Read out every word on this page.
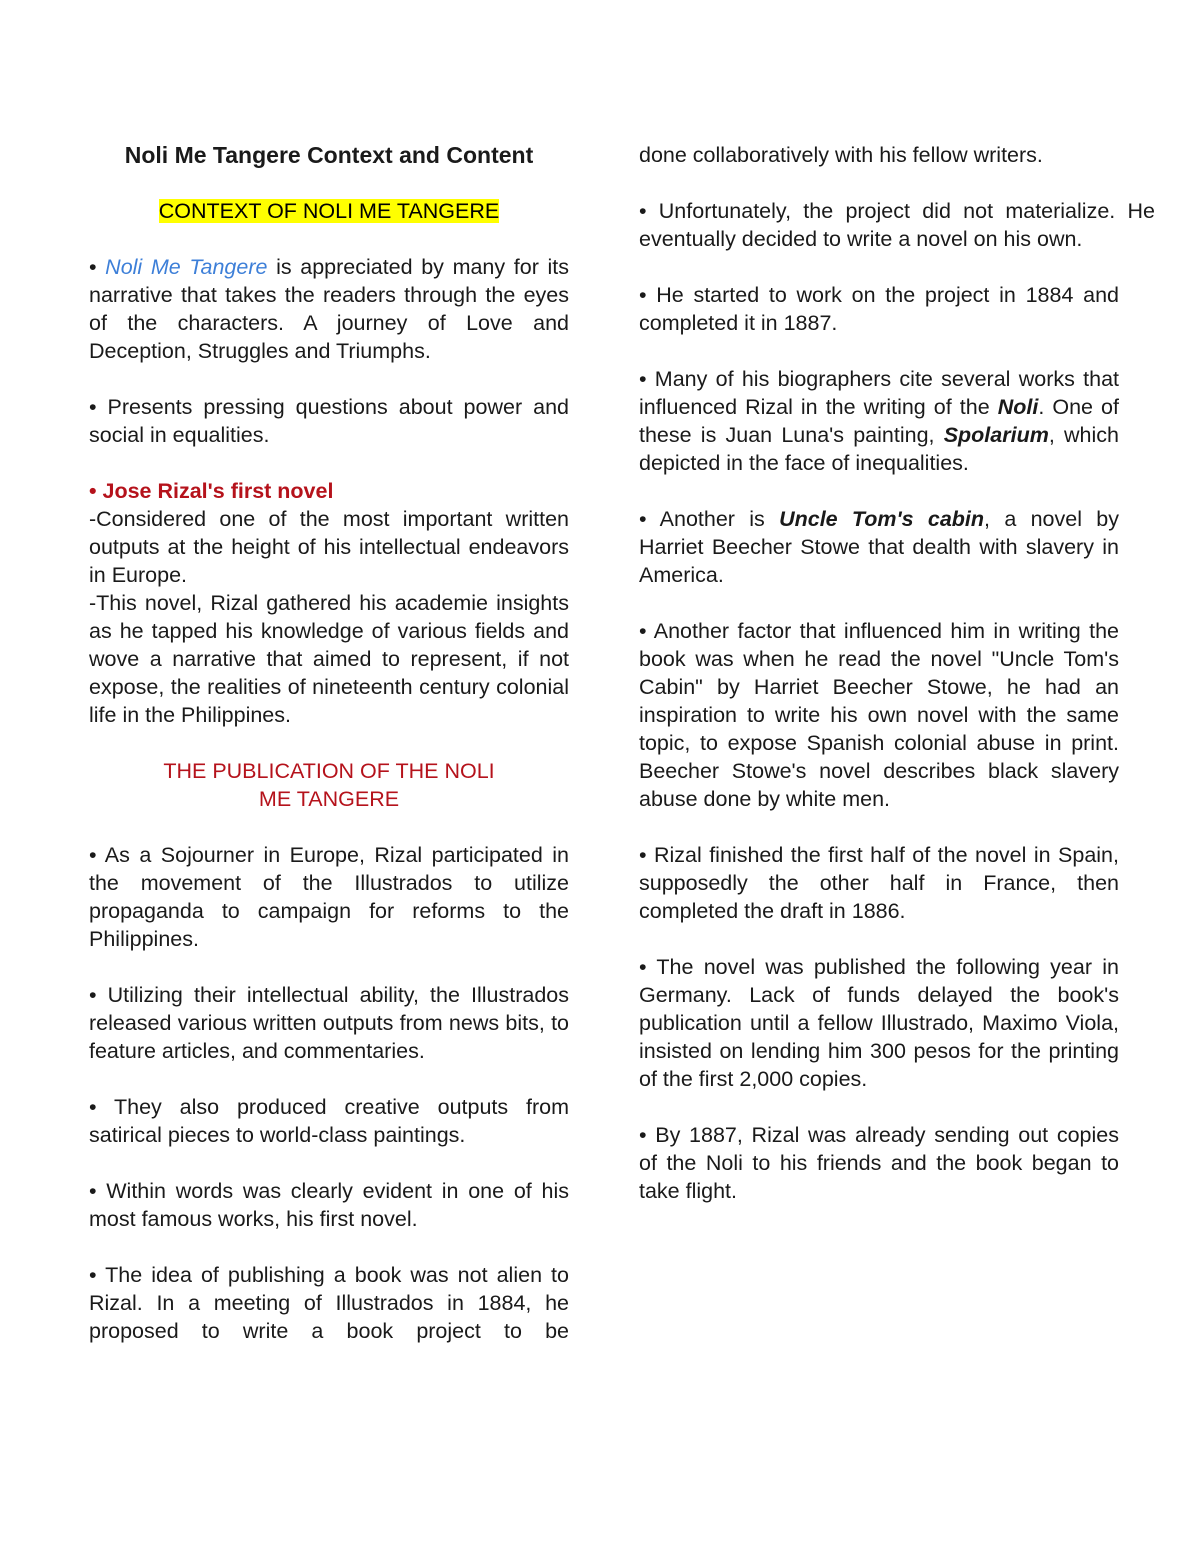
Noli Me Tangere Context and Content
CONTEXT OF NOLI ME TANGERE

• Noli Me Tangere is appreciated by many for its narrative that takes the readers through the eyes of the characters. A journey of Love and Deception, Struggles and Triumphs.

• Presents pressing questions about power and social in equalities.

• Jose Rizal's first novel

-Considered one of the most important written outputs at the height of his intellectual endeavors in Europe.

-This novel, Rizal gathered his academie insights as he tapped his knowledge of various fields and wove a narrative that aimed to represent, if not expose, the realities of nineteenth century colonial life in the Philippines.

THE PUBLICATION OF THE NOLI ME TANGERE

• As a Sojourner in Europe, Rizal participated in the movement of the Illustrados to utilize propaganda to campaign for reforms to the Philippines.

• Utilizing their intellectual ability, the Illustrados released various written outputs from news bits, to feature articles, and commentaries.

• They also produced creative outputs from satirical pieces to world-class paintings.

• Within words was clearly evident in one of his most famous works, his first novel.

• The idea of publishing a book was not alien to Rizal. In a meeting of Illustrados in 1884, he proposed to write a book project to be

done collaboratively with his fellow writers.

• Unfortunately, the project did not materialize. He eventually decided to write a novel on his own.

• He started to work on the project in 1884 and completed it in 1887.

• Many of his biographers cite several works that influenced Rizal in the writing of the Noli. One of these is Juan Luna's painting, Spolarium, which depicted in the face of inequalities.

• Another is Uncle Tom's cabin, a novel by Harriet Beecher Stowe that dealth with slavery in America.

• Another factor that influenced him in writing the book was when he read the novel "Uncle Tom's Cabin" by Harriet Beecher Stowe, he had an inspiration to write his own novel with the same topic, to expose Spanish colonial abuse in print. Beecher Stowe's novel describes black slavery abuse done by white men.

• Rizal finished the first half of the novel in Spain, supposedly the other half in France, then completed the draft in 1886.

• The novel was published the following year in Germany. Lack of funds delayed the book's publication until a fellow Illustrado, Maximo Viola, insisted on lending him 300 pesos for the printing of the first 2,000 copies.

• By 1887, Rizal was already sending out copies of the Noli to his friends and the book began to take flight.
